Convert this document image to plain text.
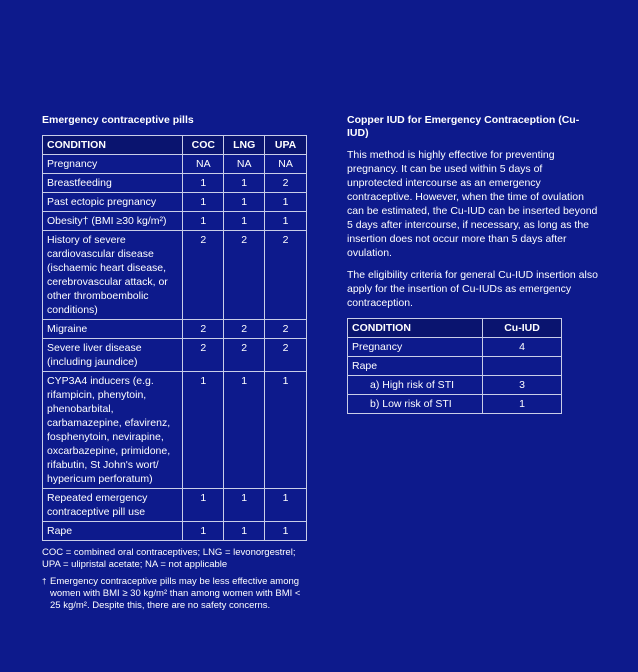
Emergency contraceptive pills
CONDITION	COC	LNG	UPA
Pregnancy	NA	NA	NA
Breastfeeding	1	1	2
Past ectopic pregnancy	1	1	1
Obesity† (BMI ≥30 kg/m²)	1	1	1
History of severe cardiovascular disease (ischaemic heart disease, cerebrovascular attack, or other thromboembolic conditions)	2	2	2
Migraine	2	2	2
Severe liver disease (including jaundice)	2	2	2
CYP3A4 inducers (e.g. rifampicin, phenytoin, phenobarbital, carbamazepine, efavirenz, fosphenytoin, nevirapine, oxcarbazepine, primidone, rifabutin, St John's wort/ hypericum perforatum)	1	1	1
Repeated emergency contraceptive pill use	1	1	1
Rape	1	1	1

COC = combined oral contraceptives; LNG = levonorgestrel;

UPA = ulipristal acetate; NA = not applicable

† Emergency contraceptive pills may be less effective among women with BMI ≥ 30 kg/m² than among women with BMI < 25 kg/m². Despite this, there are no safety concerns.
Copper IUD for Emergency Contraception (Cu-IUD)

This method is highly effective for preventing pregnancy. It can be used within 5 days of unprotected intercourse as an emergency contraceptive. However, when the time of ovulation can be estimated, the Cu-IUD can be inserted beyond 5 days after intercourse, if necessary, as long as the insertion does not occur more than 5 days after ovulation.

The eligibility criteria for general Cu-IUD insertion also apply for the insertion of Cu-IUDs as emergency contraception.

CONDITION	Cu-IUD
Pregnancy	4
Rape	
a) High risk of STI	3
b) Low risk of STI	1
